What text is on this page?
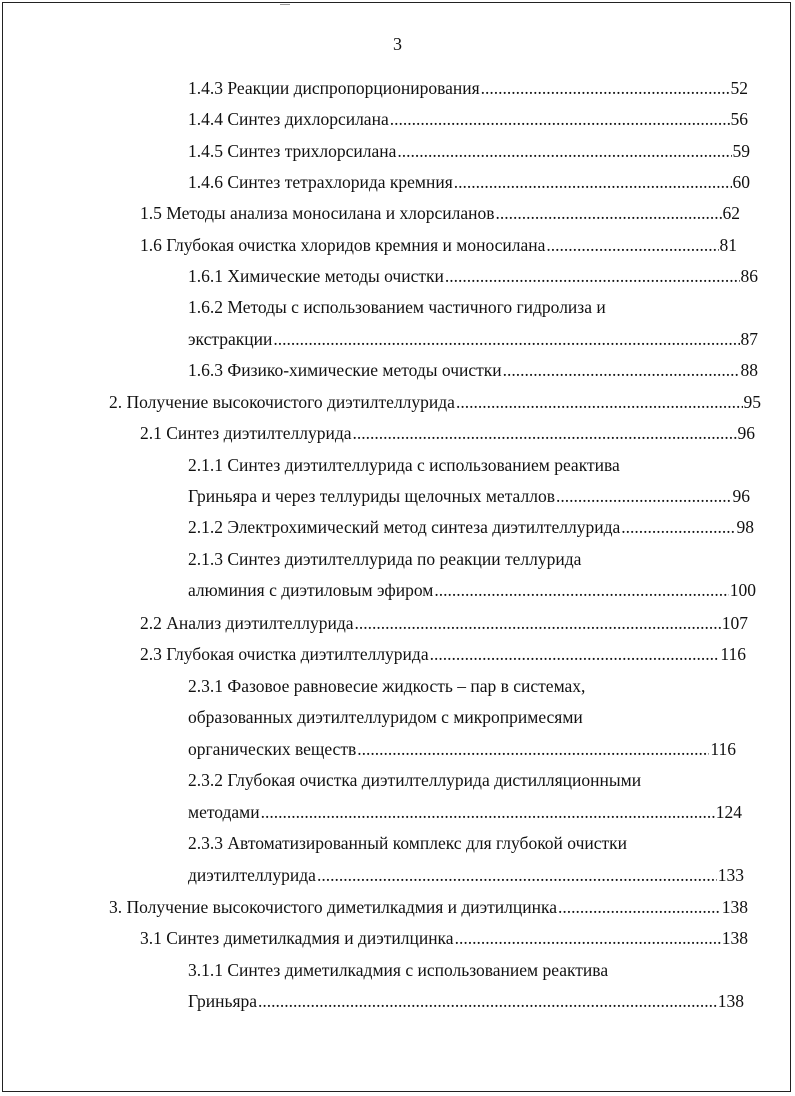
3
1.4.3 Реакции диспропорционирования .....	52
1.4.4 Синтез дихлорсилана .....	56
1.4.5 Синтез трихлорсилана .....	59
1.4.6 Синтез тетрахлорида кремния .....	60
1.5 Методы анализа моносилана и хлорсиланов .....	62
1.6 Глубокая очистка хлоридов кремния и моносилана .....	81
1.6.1 Химические методы очистки .....	86
1.6.2 Методы с использованием частичного гидролиза и
экстракции .....	87
1.6.3 Физико-химические методы очистки .....	88
2. Получение высокочистого диэтилтеллурида .....	95
2.1 Синтез диэтилтеллурида .....	96
2.1.1 Синтез диэтилтеллурида с использованием реактива
Гриньяра и через теллуриды щелочных металлов .....	96
2.1.2 Электрохимический метод синтеза диэтилтеллурида .....	98
2.1.3 Синтез диэтилтеллурида по реакции теллурида
алюминия с диэтиловым эфиром .....	100
2.2 Анализ диэтилтеллурида .....	107
2.3 Глубокая очистка диэтилтеллурида .....	116
2.3.1 Фазовое равновесие жидкость – пар в системах,
образованных диэтилтеллуридом с микропримесями
органических веществ .....	116
2.3.2 Глубокая очистка диэтилтеллурида дистилляционными
методами .....	124
2.3.3 Автоматизированный комплекс для глубокой очистки
диэтилтеллурида .....	133
3. Получение высокочистого диметилкадмия и диэтилцинка .....	138
3.1 Синтез диметилкадмия и диэтилцинка .....	138
3.1.1 Синтез диметилкадмия с использованием реактива
Гриньяра .....	138
